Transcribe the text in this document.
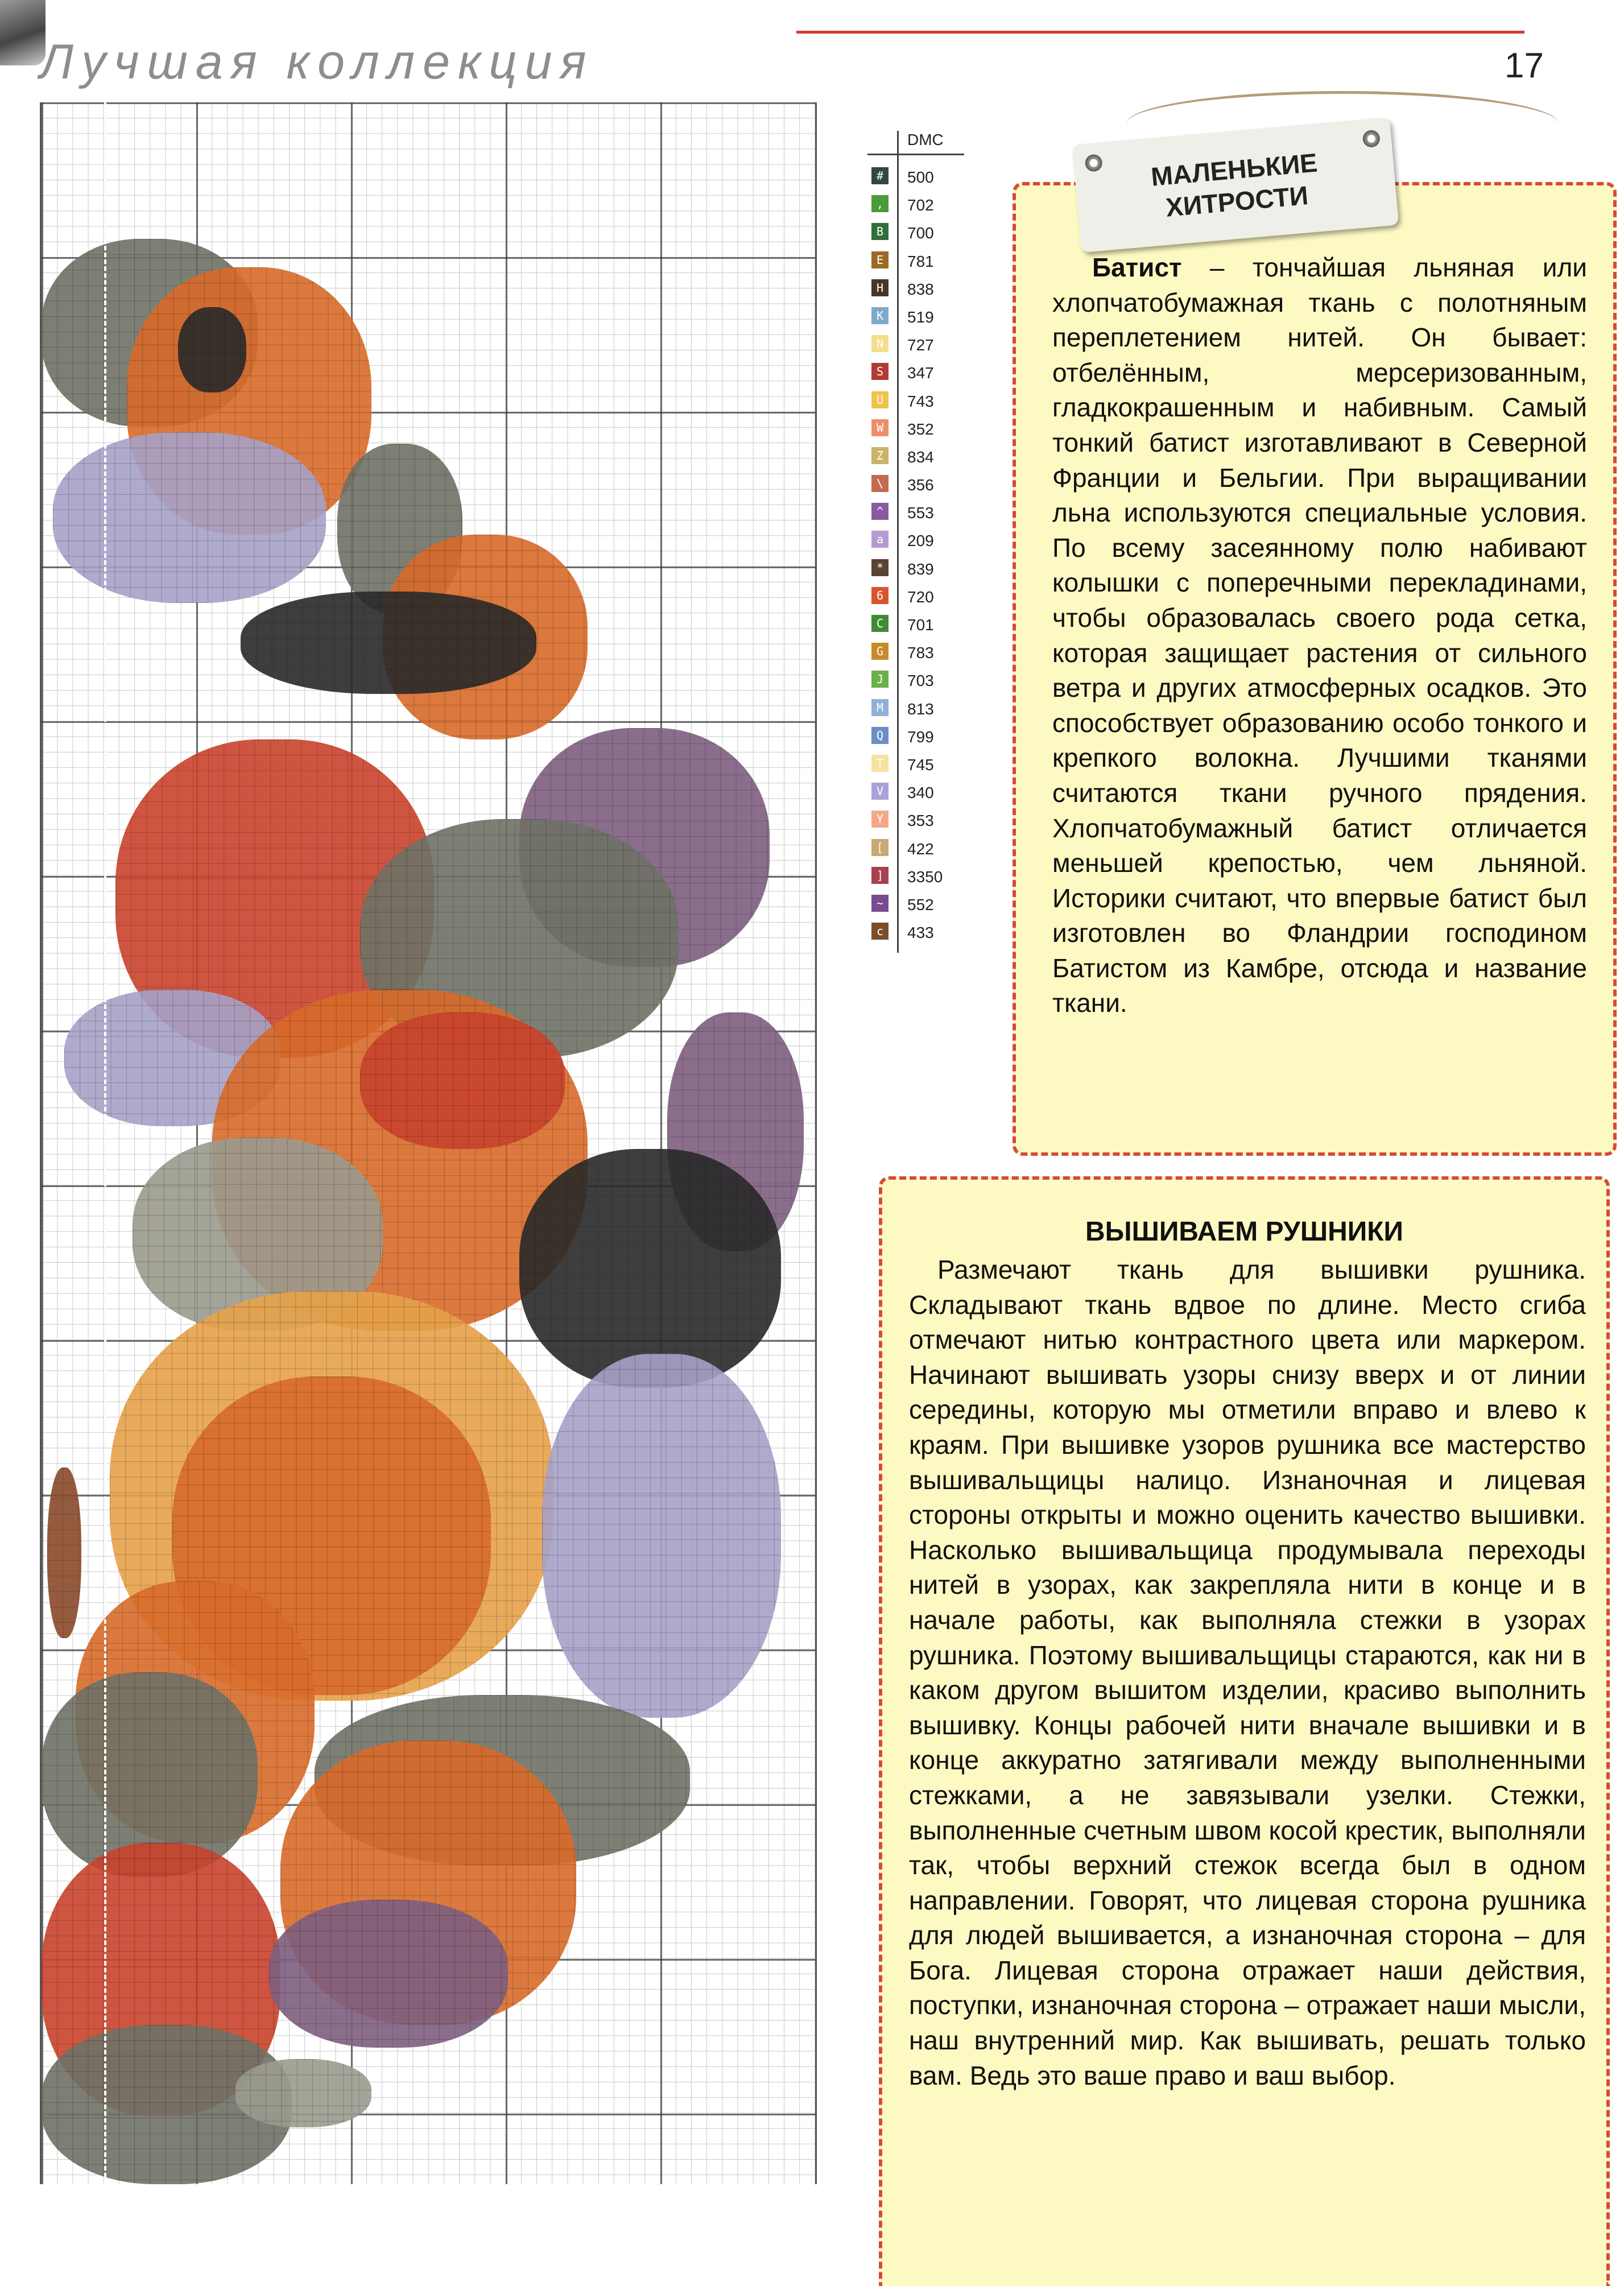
Лучшая коллекция	17
DMC
#	500
,	702
B	700
E	781
H	838
K	519
N	727
S	347
U	743
W	352
Z	834
\	356
^	553
a	209
*	839
6	720
C	701
G	783
J	703
M	813
Q	799
T	745
V	340
Y	353
[	422
]	3350
~	552
c	433
МАЛЕНЬКИЕ
ХИТРОСТИ

Батист – тончайшая льняная или хлопчатобумажная ткань с полотняным переплетением нитей. Он бывает: отбелённым, мерсеризованным, гладкокрашенным и набивным. Самый тонкий батист изготавливают в Северной Франции и Бельгии. При выращивании льна используются специальные условия. По всему засеянному полю набивают колышки с поперечными перекладинами, чтобы образовалась своего рода сетка, которая защищает растения от сильного ветра и других атмосферных осадков. Это способствует образованию особо тонкого и крепкого волокна. Лучшими тканями считаются ткани ручного прядения. Хлопчатобумажный батист отличается меньшей крепостью, чем льняной. Историки считают, что впервые батист был изготовлен во Фландрии господином Батистом из Камбре, отсюда и название ткани.

ВЫШИВАЕМ РУШНИКИ

Размечают ткань для вышивки рушника. Складывают ткань вдвое по длине. Место сгиба отмечают нитью контрастного цвета или маркером. Начинают вышивать узоры снизу вверх и от линии середины, которую мы отметили вправо и влево к краям. При вышивке узоров рушника все мастерство вышивальщицы налицо. Изнаночная и лицевая стороны открыты и можно оценить качество вышивки. Насколько вышивальщица продумывала переходы нитей в узорах, как закрепляла нити в конце и в начале работы, как выполняла стежки в узорах рушника. Поэтому вышивальщицы стараются, как ни в каком другом вышитом изделии, красиво выполнить вышивку. Концы рабочей нити вначале вышивки и в конце аккуратно затягивали между выполненными стежками, а не завязывали узелки. Стежки, выполненные счетным швом косой крестик, выполняли так, чтобы верхний стежок всегда был в одном направлении. Говорят, что лицевая сторона рушника для людей вышивается, а изнаночная сторона – для Бога. Лицевая сторона отражает наши действия, поступки, изнаночная сторона – отражает наши мысли, наш внутренний мир. Как вышивать, решать только вам. Ведь это ваше право и ваш выбор.
